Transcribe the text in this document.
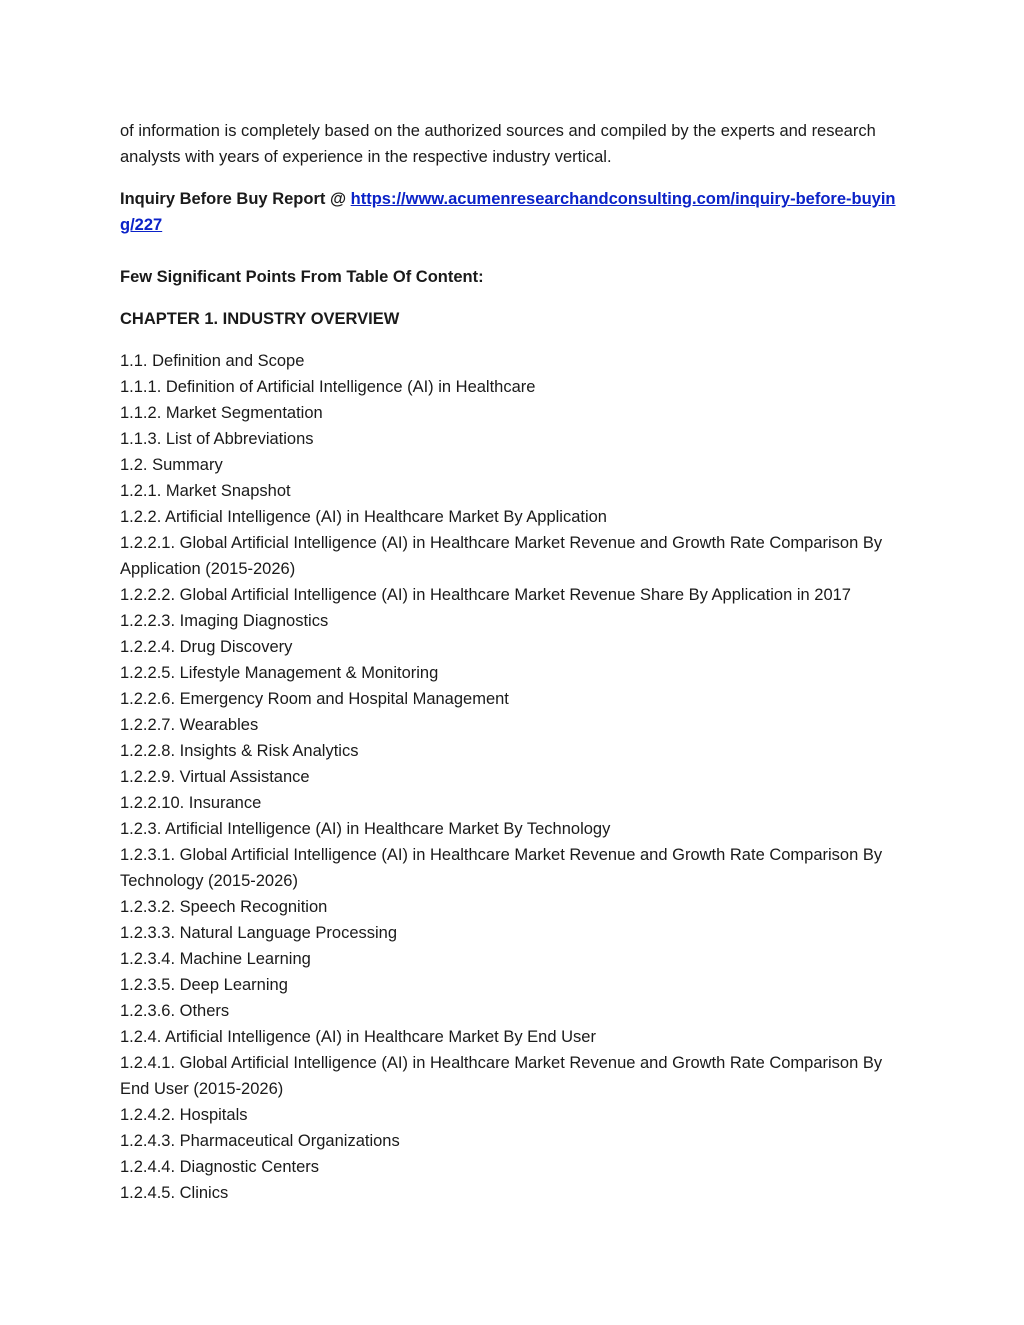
of information is completely based on the authorized sources and compiled by the experts and research analysts with years of experience in the respective industry vertical.

Inquiry Before Buy Report @ https://www.acumenresearchandconsulting.com/inquiry-before-buying/227

Few Significant Points From Table Of Content:

CHAPTER 1. INDUSTRY OVERVIEW

1.1. Definition and Scope
1.1.1. Definition of Artificial Intelligence (AI) in Healthcare
1.1.2. Market Segmentation
1.1.3. List of Abbreviations
1.2. Summary
1.2.1. Market Snapshot
1.2.2. Artificial Intelligence (AI) in Healthcare Market By Application
1.2.2.1. Global Artificial Intelligence (AI) in Healthcare Market Revenue and Growth Rate Comparison By Application (2015-2026)
1.2.2.2. Global Artificial Intelligence (AI) in Healthcare Market Revenue Share By Application in 2017
1.2.2.3. Imaging Diagnostics
1.2.2.4. Drug Discovery
1.2.2.5. Lifestyle Management & Monitoring
1.2.2.6. Emergency Room and Hospital Management
1.2.2.7. Wearables
1.2.2.8. Insights & Risk Analytics
1.2.2.9. Virtual Assistance
1.2.2.10. Insurance
1.2.3. Artificial Intelligence (AI) in Healthcare Market By Technology
1.2.3.1. Global Artificial Intelligence (AI) in Healthcare Market Revenue and Growth Rate Comparison By Technology (2015-2026)
1.2.3.2. Speech Recognition
1.2.3.3. Natural Language Processing
1.2.3.4. Machine Learning
1.2.3.5. Deep Learning
1.2.3.6. Others
1.2.4. Artificial Intelligence (AI) in Healthcare Market By End User
1.2.4.1. Global Artificial Intelligence (AI) in Healthcare Market Revenue and Growth Rate Comparison By End User (2015-2026)
1.2.4.2. Hospitals
1.2.4.3. Pharmaceutical Organizations
1.2.4.4. Diagnostic Centers
1.2.4.5. Clinics
